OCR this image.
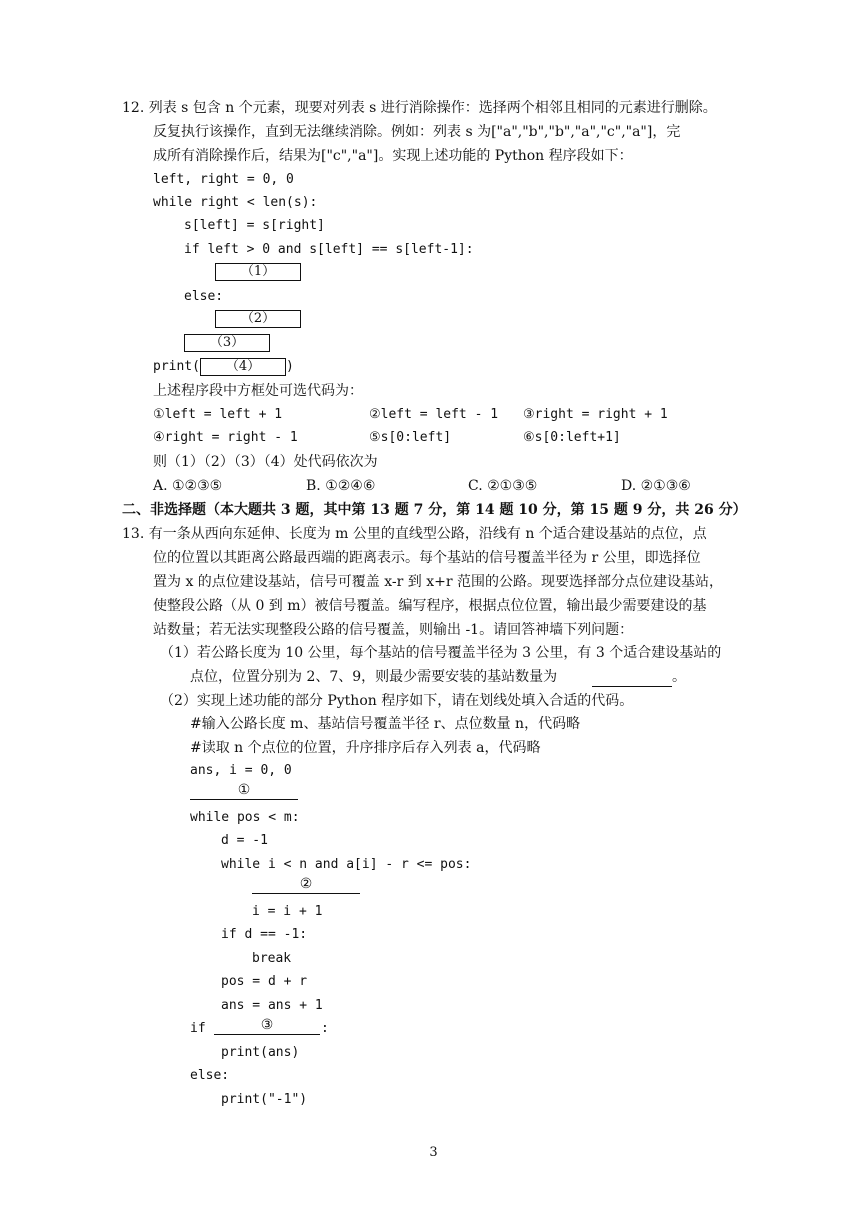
12. 列表 s 包含 n 个元素，现要对列表 s 进行消除操作：选择两个相邻且相同的元素进行删除。
反复执行该操作，直到无法继续消除。例如：列表 s 为["a","b","b","a","c","a"]，完
成所有消除操作后，结果为["c","a"]。实现上述功能的 Python 程序段如下：
left, right = 0, 0
while right < len(s):
s[left] = s[right]
if left > 0 and s[left] == s[left-1]:
（1）
else:
（2）
（3）
print(	（4）	)
上述程序段中方框处可选代码为：
①left = left + 1	②left = left - 1 ③right = right + 1
④right = right - 1	⑤s[0:left]	⑥s[0:left+1]
则（1）（2）（3）（4）处代码依次为
A. ①②③⑤	B. ①②④⑥	C. ②①③⑤	D. ②①③⑥
二、非选择题（本大题共 3 题，其中第 13 题 7 分，第 14 题 10 分，第 15 题 9 分，共 26 分）
13. 有一条从西向东延伸、长度为 m 公里的直线型公路，沿线有 n 个适合建设基站的点位，点
位的位置以其距离公路最西端的距离表示。每个基站的信号覆盖半径为 r 公里，即选择位
置为 x 的点位建设基站，信号可覆盖 x-r 到 x+r 范围的公路。现要选择部分点位建设基站，
使整段公路（从 0 到 m）被信号覆盖。编写程序，根据点位位置，输出最少需要建设的基
站数量；若无法实现整段公路的信号覆盖，则输出 -1。请回答神墙下列问题：
（1）若公路长度为 10 公里，每个基站的信号覆盖半径为 3 公里，有 3 个适合建设基站的
点位，位置分别为 2、7、9，则最少需要安装的基站数量为	。
（2）实现上述功能的部分 Python 程序如下，请在划线处填入合适的代码。
#输入公路长度 m、基站信号覆盖半径 r、点位数量 n，代码略
#读取 n 个点位的位置，升序排序后存入列表 a，代码略
ans, i = 0, 0
①
while pos < m:
d = -1
while i < n and a[i] - r <= pos:
②
i = i + 1
if d == -1:
break
pos = d + r
ans = ans + 1
if	③	:
print(ans)
else:
print("-1")
3
